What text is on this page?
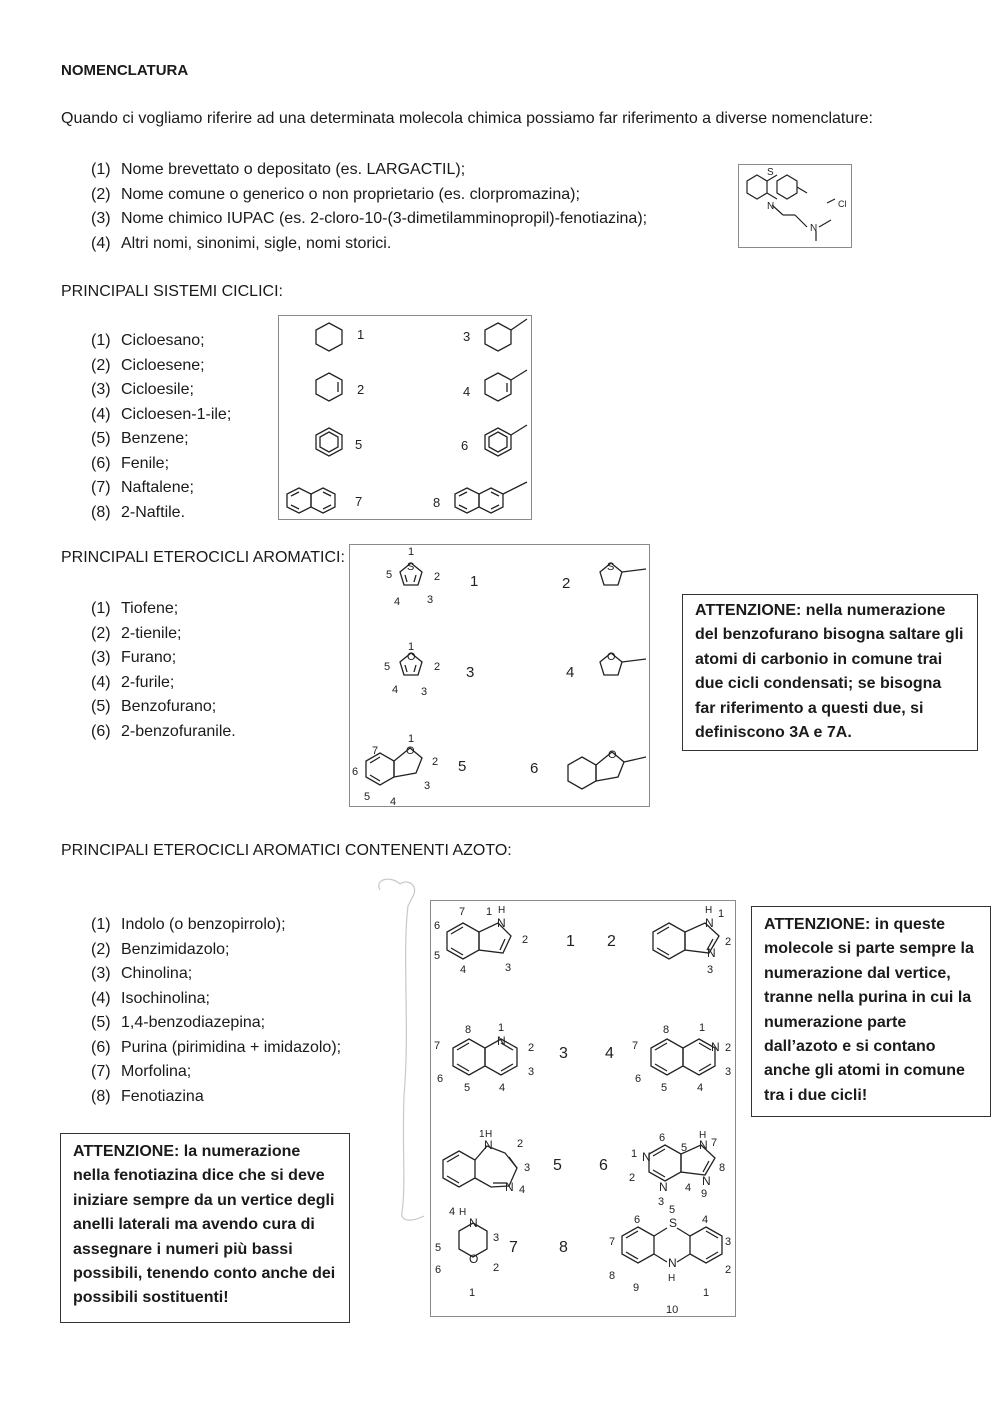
NOMENCLATURA
Quando ci vogliamo riferire ad una determinata molecola chimica possiamo far riferimento a diverse nomenclature:
(1) Nome brevettato o depositato (es. LARGACTIL);
(2) Nome comune o generico o non proprietario (es. clorpromazina);
(3) Nome chimico IUPAC (es. 2-cloro-10-(3-dimetilamminopropil)-fenotiazina);
(4) Altri nomi, sinonimi, sigle, nomi storici.
S
N	Cl
N
PRINCIPALI SISTEMI CICLICI:
(1) Cicloesano;
(2) Cicloesene;
(3) Cicloesile;
(4) Cicloesen-1-ile;
(5) Benzene;
(6) Fenile;
(7) Naftalene;
(8) 2-Naftile.
1
2
3
4
5	6
7	8
PRINCIPALI ETEROCICLI AROMATICI:
(1) Tiofene;
(2) 2-tienile;
(3) Furano;
(4) 2-furile;
(5) Benzofurano;
(6) 2-benzofuranile.
S	S
O	O
O	O
1
2
3
4
5
1
2
3
4
5
1
2
3
4
5
6
7
1	2
3	4
5	6
ATTENZIONE: nella numerazione del benzofurano bisogna saltare gli atomi di carbonio in comune trai due cicli condensati; se bisogna far riferimento a questi due, si definiscono 3A e 7A.
PRINCIPALI ETEROCICLI AROMATICI CONTENENTI AZOTO:
(1) Indolo (o benzopirrolo);
(2) Benzimidazolo;
(3) Chinolina;
(4) Isochinolina;
(5) 1,4-benzodiazepina;
(6) Purina (pirimidina + imidazolo);
(7) Morfolina;
(8) Fenotiazina
N
H
N
H
N
N	N
N
H
N
N
N
N
H
N
N
H
O
S
N
H
1
2
3
4
5
6
7	1
2
3
1
2
3
4
5
6
7
8	1
2
3
4
5
6
7
8
1
2
3
4
1
2
3
4
5
6	7
8
9
1
2
3
4
5
6
1
2
3
4
5
6
7
8
9
10
1 2
3 4
5 6
7	8
ATTENZIONE: in queste molecole si parte sempre la numerazione dal vertice, tranne nella purina in cui la numerazione parte dall’azoto e si contano anche gli atomi in comune tra i due cicli!
ATTENZIONE: la numerazione nella fenotiazina dice che si deve iniziare sempre da un vertice degli anelli laterali ma avendo cura di assegnare i numeri più bassi possibili, tenendo conto anche dei possibili sostituenti!
